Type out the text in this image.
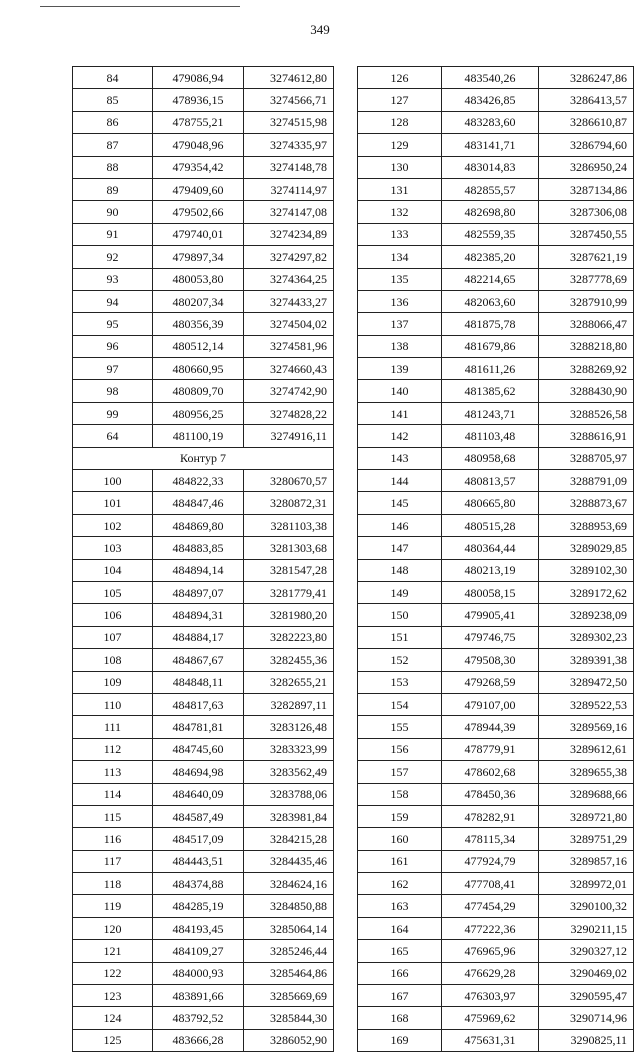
349
84	479086,94	3274612,80
85	478936,15	3274566,71
86	478755,21	3274515,98
87	479048,96	3274335,97
88	479354,42	3274148,78
89	479409,60	3274114,97
90	479502,66	3274147,08
91	479740,01	3274234,89
92	479897,34	3274297,82
93	480053,80	3274364,25
94	480207,34	3274433,27
95	480356,39	3274504,02
96	480512,14	3274581,96
97	480660,95	3274660,43
98	480809,70	3274742,90
99	480956,25	3274828,22
64	481100,19	3274916,11
Контур 7		
100	484822,33	3280670,57
101	484847,46	3280872,31
102	484869,80	3281103,38
103	484883,85	3281303,68
104	484894,14	3281547,28
105	484897,07	3281779,41
106	484894,31	3281980,20
107	484884,17	3282223,80
108	484867,67	3282455,36
109	484848,11	3282655,21
110	484817,63	3282897,11
111	484781,81	3283126,48
112	484745,60	3283323,99
113	484694,98	3283562,49
114	484640,09	3283788,06
115	484587,49	3283981,84
116	484517,09	3284215,28
117	484443,51	3284435,46
118	484374,88	3284624,16
119	484285,19	3284850,88
120	484193,45	3285064,14
121	484109,27	3285246,44
122	484000,93	3285464,86
123	483891,66	3285669,69
124	483792,52	3285844,30
125	483666,28	3286052,90
126	483540,26	3286247,86
127	483426,85	3286413,57
128	483283,60	3286610,87
129	483141,71	3286794,60
130	483014,83	3286950,24
131	482855,57	3287134,86
132	482698,80	3287306,08
133	482559,35	3287450,55
134	482385,20	3287621,19
135	482214,65	3287778,69
136	482063,60	3287910,99
137	481875,78	3288066,47
138	481679,86	3288218,80
139	481611,26	3288269,92
140	481385,62	3288430,90
141	481243,71	3288526,58
142	481103,48	3288616,91
143	480958,68	3288705,97
144	480813,57	3288791,09
145	480665,80	3288873,67
146	480515,28	3288953,69
147	480364,44	3289029,85
148	480213,19	3289102,30
149	480058,15	3289172,62
150	479905,41	3289238,09
151	479746,75	3289302,23
152	479508,30	3289391,38
153	479268,59	3289472,50
154	479107,00	3289522,53
155	478944,39	3289569,16
156	478779,91	3289612,61
157	478602,68	3289655,38
158	478450,36	3289688,66
159	478282,91	3289721,80
160	478115,34	3289751,29
161	477924,79	3289857,16
162	477708,41	3289972,01
163	477454,29	3290100,32
164	477222,36	3290211,15
165	476965,96	3290327,12
166	476629,28	3290469,02
167	476303,97	3290595,47
168	475969,62	3290714,96
169	475631,31	3290825,11
